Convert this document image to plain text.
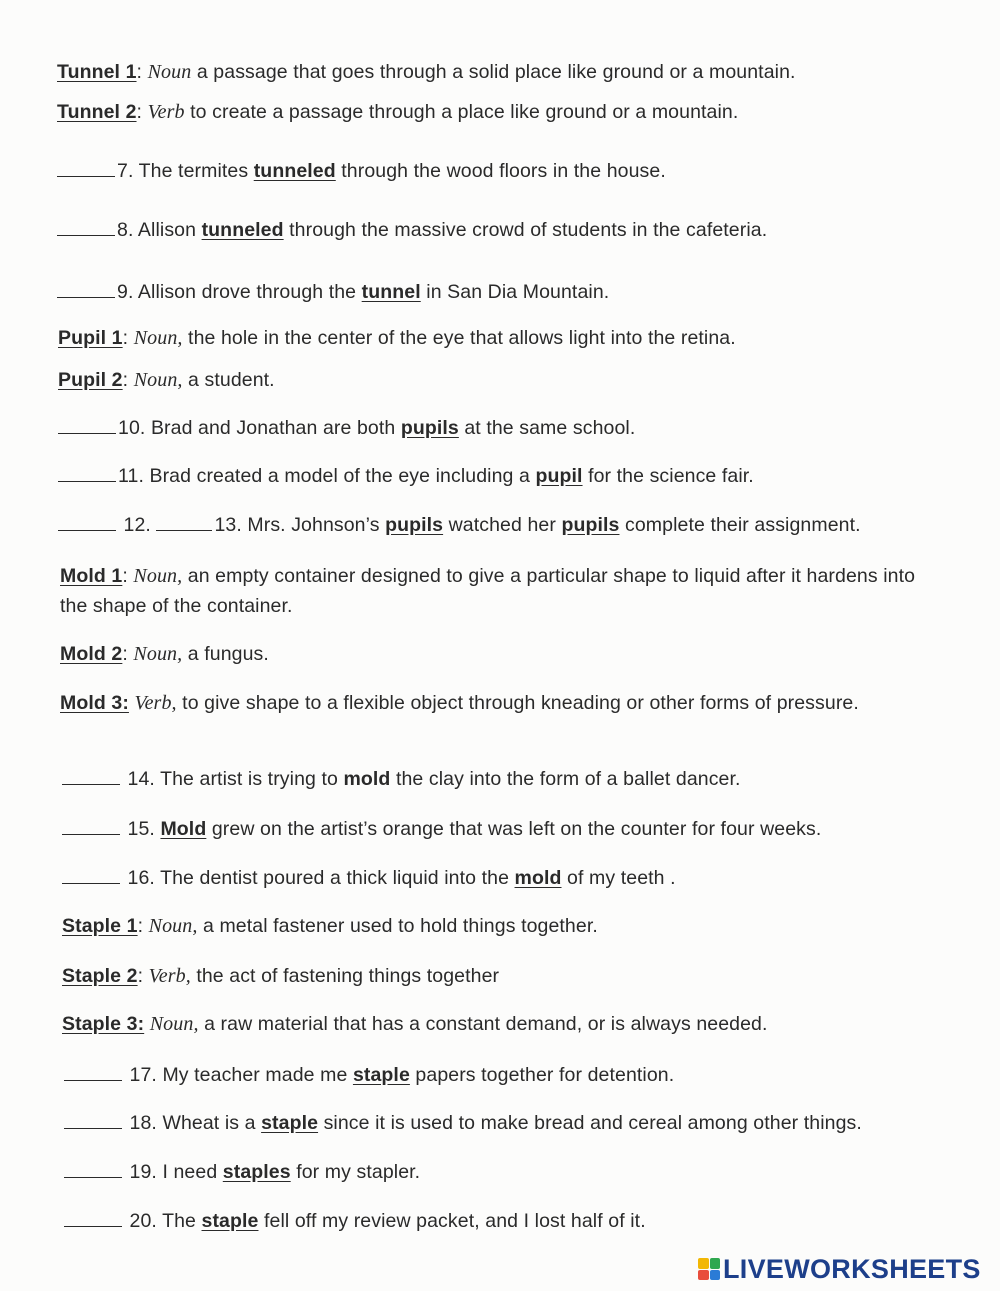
Tunnel 1: Noun a passage that goes through a solid place like ground or a mountain.
Tunnel 2: Verb to create a passage through a place like ground or a mountain.
7. The termites tunneled through the wood floors in the house.
8. Allison tunneled through the massive crowd of students in the cafeteria.
9. Allison drove through the tunnel in San Dia Mountain.
Pupil 1: Noun, the hole in the center of the eye that allows light into the retina.
Pupil 2: Noun, a student.
10. Brad and Jonathan are both pupils at the same school.
11. Brad created a model of the eye including a pupil for the science fair.
12.	13. Mrs. Johnson’s pupils watched her pupils complete their assignment.
Mold 1: Noun, an empty container designed to give a particular shape to liquid after it hardens into the shape of the container.
Mold 2: Noun, a fungus.
Mold 3: Verb, to give shape to a flexible object through kneading or other forms of pressure.
14. The artist is trying to mold the clay into the form of a ballet dancer.
15. Mold grew on the artist’s orange that was left on the counter for four weeks.
16. The dentist poured a thick liquid into the mold of my teeth .
Staple 1: Noun, a metal fastener used to hold things together.
Staple 2: Verb, the act of fastening things together
Staple 3: Noun, a raw material that has a constant demand, or is always needed.
17. My teacher made me staple papers together for detention.
18. Wheat is a staple since it is used to make bread and cereal among other things.
19. I need staples for my stapler.
20. The staple fell off my review packet, and I lost half of it.
LIVEWORKSHEETS
